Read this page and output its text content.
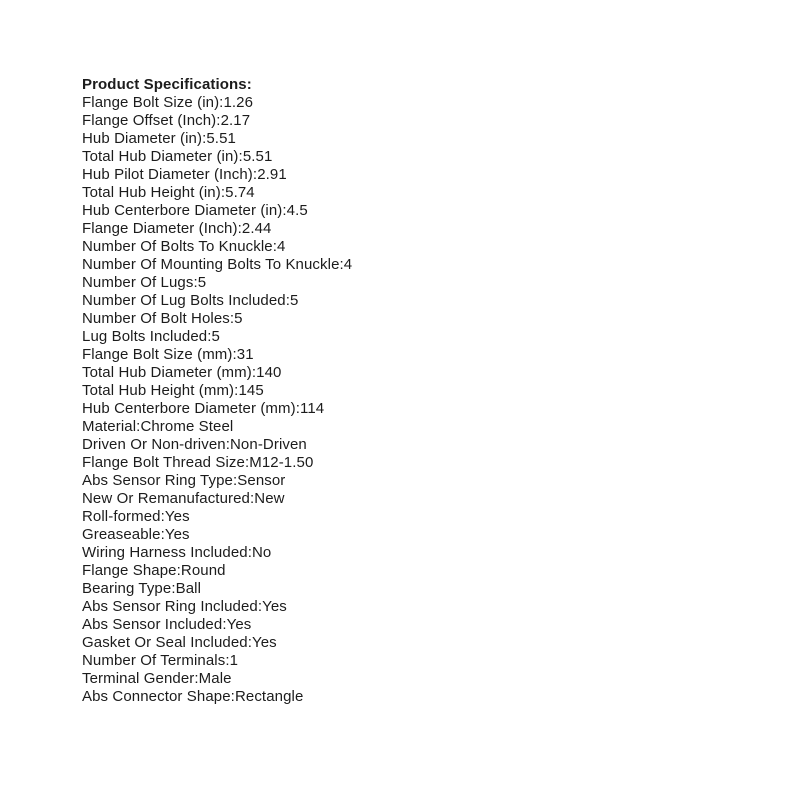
Product Specifications:
Flange Bolt Size (in):1.26
Flange Offset (Inch):2.17
Hub Diameter (in):5.51
Total Hub Diameter (in):5.51
Hub Pilot Diameter (Inch):2.91
Total Hub Height (in):5.74
Hub Centerbore Diameter (in):4.5
Flange Diameter (Inch):2.44
Number Of Bolts To Knuckle:4
Number Of Mounting Bolts To Knuckle:4
Number Of Lugs:5
Number Of Lug Bolts Included:5
Number Of Bolt Holes:5
Lug Bolts Included:5
Flange Bolt Size (mm):31
Total Hub Diameter (mm):140
Total Hub Height (mm):145
Hub Centerbore Diameter (mm):114
Material:Chrome Steel
Driven Or Non-driven:Non-Driven
Flange Bolt Thread Size:M12-1.50
Abs Sensor Ring Type:Sensor
New Or Remanufactured:New
Roll-formed:Yes
Greaseable:Yes
Wiring Harness Included:No
Flange Shape:Round
Bearing Type:Ball
Abs Sensor Ring Included:Yes
Abs Sensor Included:Yes
Gasket Or Seal Included:Yes
Number Of Terminals:1
Terminal Gender:Male
Abs Connector Shape:Rectangle
